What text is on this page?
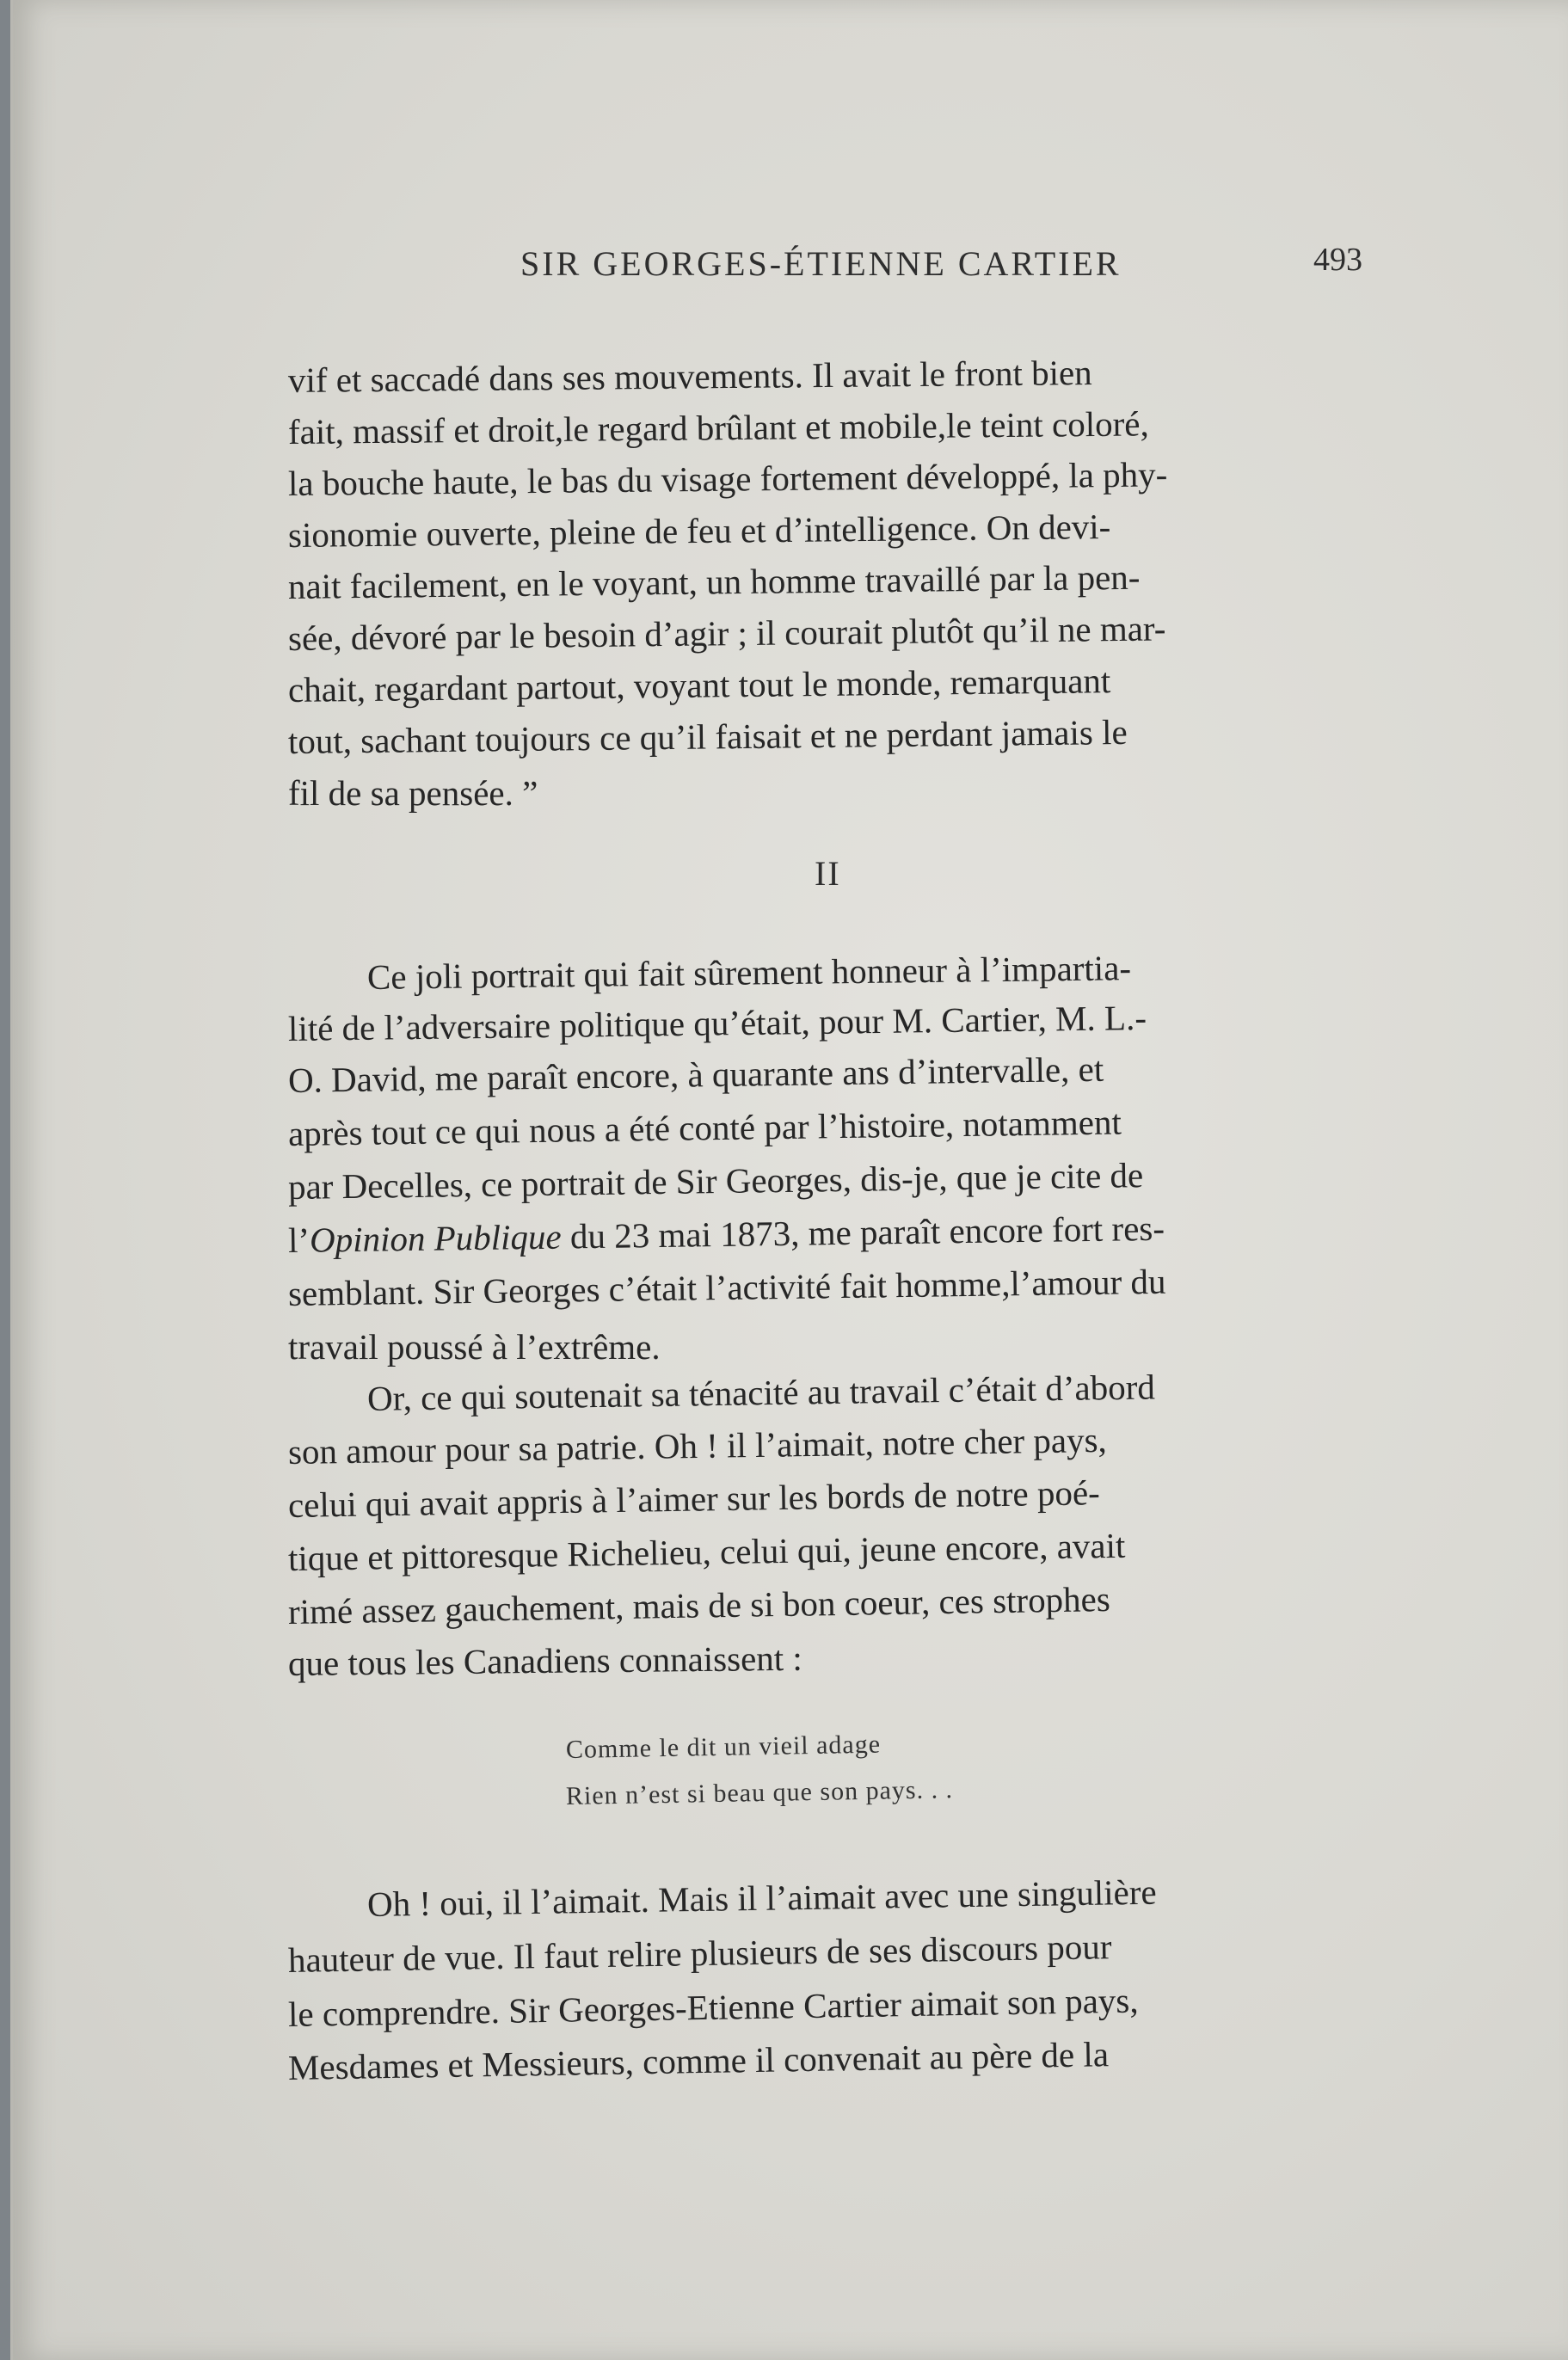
SIR GEORGES-ÉTIENNE CARTIER	493
vif et saccadé dans ses mouvements. Il avait le front bien
fait, massif et droit,le regard brûlant et mobile,le teint coloré,
la bouche haute, le bas du visage fortement développé, la phy-
sionomie ouverte, pleine de feu et d’intelligence. On devi-
nait facilement, en le voyant, un homme travaillé par la pen-
sée, dévoré par le besoin d’agir ; il courait plutôt qu’il ne mar-
chait, regardant partout, voyant tout le monde, remarquant
tout, sachant toujours ce qu’il faisait et ne perdant jamais le
fil de sa pensée. ”
II
Ce joli portrait qui fait sûrement honneur à l’impartia-
lité de l’adversaire politique qu’était, pour M. Cartier, M. L.-
O. David, me paraît encore, à quarante ans d’intervalle, et
après tout ce qui nous a été conté par l’histoire, notamment
par Decelles, ce portrait de Sir Georges, dis-je, que je cite de
l’Opinion Publique du 23 mai 1873, me paraît encore fort res-
semblant. Sir Georges c’était l’activité fait homme,l’amour du
travail poussé à l’extrême.
Or, ce qui soutenait sa ténacité au travail c’était d’abord
son amour pour sa patrie. Oh ! il l’aimait, notre cher pays,
celui qui avait appris à l’aimer sur les bords de notre poé-
tique et pittoresque Richelieu, celui qui, jeune encore, avait
rimé assez gauchement, mais de si bon coeur, ces strophes
que tous les Canadiens connaissent :
Comme le dit un vieil adage
Rien n’est si beau que son pays. . .
Oh ! oui, il l’aimait. Mais il l’aimait avec une singulière
hauteur de vue. Il faut relire plusieurs de ses discours pour
le comprendre. Sir Georges-Etienne Cartier aimait son pays,
Mesdames et Messieurs, comme il convenait au père de la
